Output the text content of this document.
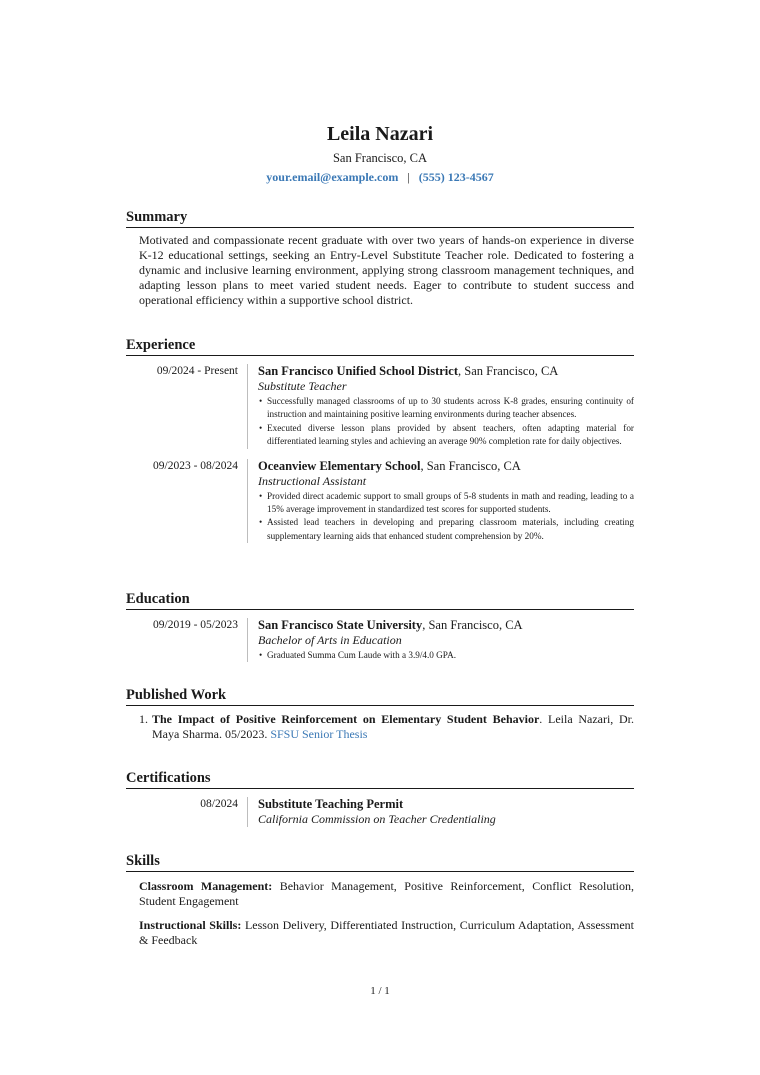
Leila Nazari
San Francisco, CA
your.email@example.com | (555) 123-4567
Summary
Motivated and compassionate recent graduate with over two years of hands-on experience in diverse K-12 educational settings, seeking an Entry-Level Substitute Teacher role. Dedicated to fostering a dynamic and inclusive learning environment, applying strong classroom management techniques, and adapting lesson plans to meet varied student needs. Eager to contribute to student success and operational efficiency within a supportive school district.
Experience
09/2024 - Present	San Francisco Unified School District, San Francisco, CA
Substitute Teacher
• Successfully managed classrooms of up to 30 students across K-8 grades, ensuring continuity of instruction and maintaining positive learning environments during teacher absences.
• Executed diverse lesson plans provided by absent teachers, often adapting material for differentiated learning styles and achieving an average 90% completion rate for daily objectives.
09/2023 - 08/2024	Oceanview Elementary School, San Francisco, CA
Instructional Assistant
• Provided direct academic support to small groups of 5-8 students in math and reading, leading to a 15% average improvement in standardized test scores for supported students.
• Assisted lead teachers in developing and preparing classroom materials, including creating supplementary learning aids that enhanced student comprehension by 20%.
Education
09/2019 - 05/2023	San Francisco State University, San Francisco, CA
Bachelor of Arts in Education
• Graduated Summa Cum Laude with a 3.9/4.0 GPA.
Published Work
1. The Impact of Positive Reinforcement on Elementary Student Behavior. Leila Nazari, Dr. Maya Sharma. 05/2023. SFSU Senior Thesis
Certifications
08/2024	Substitute Teaching Permit
California Commission on Teacher Credentialing
Skills
Classroom Management: Behavior Management, Positive Reinforcement, Conflict Resolution, Student Engagement
Instructional Skills: Lesson Delivery, Differentiated Instruction, Curriculum Adaptation, Assessment & Feedback
1 / 1
